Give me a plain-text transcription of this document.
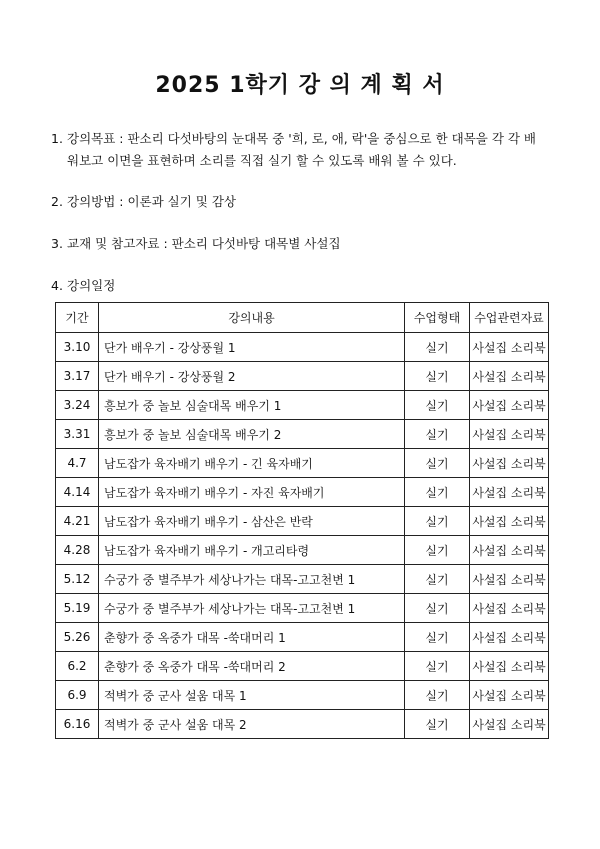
2025 1학기 강 의 계 획 서
1. 강의목표 : 판소리 다섯바탕의 눈대목 중 '희, 로, 애, 락'을 중심으로 한 대목을 각 각 배
워보고 이면을 표현하며 소리를 직접 실기 할 수 있도록 배워 볼 수 있다.
2. 강의방법 : 이론과 실기 및 감상
3. 교재 및 참고자료 : 판소리 다섯바탕 대목별 사설집
4. 강의일정
기간	강의내용	수업형태	수업관련자료
3.10	단가 배우기 - 강상풍월 1	실기	사설집 소리북
3.17	단가 배우기 - 강상풍월 2	실기	사설집 소리북
3.24	흥보가 중 놀보 심술대목 배우기 1	실기	사설집 소리북
3.31	흥보가 중 놀보 심술대목 배우기 2	실기	사설집 소리북
4.7	남도잡가 육자배기 배우기 - 긴 육자배기	실기	사설집 소리북
4.14	남도잡가 육자배기 배우기 - 자진 육자배기	실기	사설집 소리북
4.21	남도잡가 육자배기 배우기 - 삼산은 반락	실기	사설집 소리북
4.28	남도잡가 육자배기 배우기 - 개고리타령	실기	사설집 소리북
5.12	수궁가 중 별주부가 세상나가는 대목-고고천변 1	실기	사설집 소리북
5.19	수궁가 중 별주부가 세상나가는 대목-고고천변 1	실기	사설집 소리북
5.26	춘향가 중 옥중가 대목 -쑥대머리 1	실기	사설집 소리북
6.2	춘향가 중 옥중가 대목 -쑥대머리 2	실기	사설집 소리북
6.9	적벽가 중 군사 설움 대목 1	실기	사설집 소리북
6.16	적벽가 중 군사 설움 대목 2	실기	사설집 소리북
